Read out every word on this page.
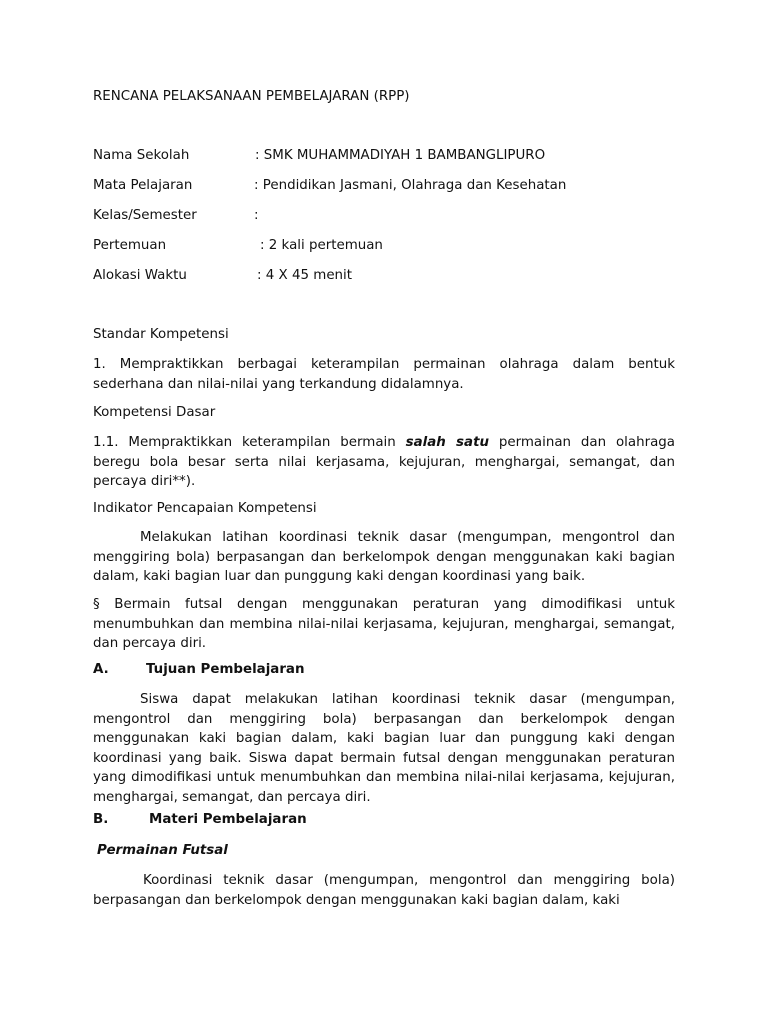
RENCANA PELAKSANAAN PEMBELAJARAN (RPP)
Nama Sekolah	: SMK MUHAMMADIYAH 1 BAMBANGLIPURO
Mata Pelajaran	: Pendidikan Jasmani, Olahraga dan Kesehatan
Kelas/Semester	:
Pertemuan	: 2 kali pertemuan
Alokasi Waktu	: 4 X 45 menit
Standar Kompetensi
1. Mempraktikkan berbagai keterampilan permainan olahraga dalam bentuk sederhana dan nilai-nilai yang terkandung didalamnya.
Kompetensi Dasar
1.1. Mempraktikkan keterampilan bermain salah satu permainan dan olahraga beregu bola besar serta nilai kerjasama, kejujuran, menghargai, semangat, dan percaya diri**).
Indikator Pencapaian Kompetensi
Melakukan latihan koordinasi teknik dasar (mengumpan, mengontrol dan menggiring bola) berpasangan dan berkelompok dengan menggunakan kaki bagian dalam, kaki bagian luar dan punggung kaki dengan koordinasi yang baik.
§ Bermain futsal dengan menggunakan peraturan yang dimodifikasi untuk menumbuhkan dan membina nilai-nilai kerjasama, kejujuran, menghargai, semangat, dan percaya diri.
A.	Tujuan Pembelajaran
Siswa dapat melakukan latihan koordinasi teknik dasar (mengumpan, mengontrol dan menggiring bola) berpasangan dan berkelompok dengan menggunakan kaki bagian dalam, kaki bagian luar dan punggung kaki dengan koordinasi yang baik. Siswa dapat bermain futsal dengan menggunakan peraturan yang dimodifikasi untuk menumbuhkan dan membina nilai-nilai kerjasama, kejujuran, menghargai, semangat, dan percaya diri.
B.	Materi Pembelajaran
Permainan Futsal
Koordinasi teknik dasar (mengumpan, mengontrol dan menggiring bola) berpasangan dan berkelompok dengan menggunakan kaki bagian dalam, kaki
